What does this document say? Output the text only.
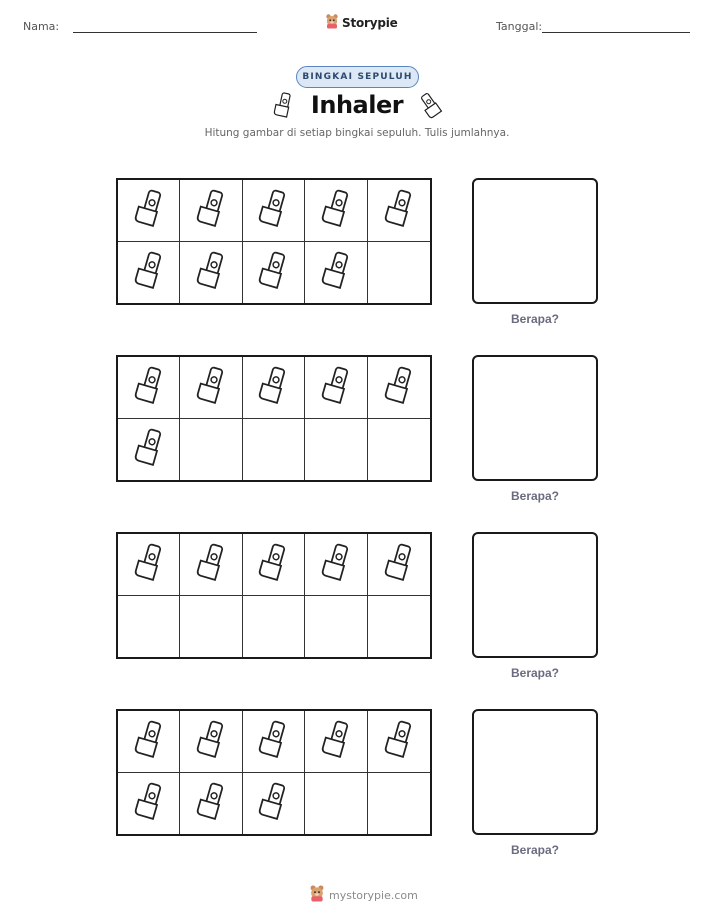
Nama:	Storypie	Tanggal:
BINGKAI SEPULUH
Inhaler
Hitung gambar di setiap bingkai sepuluh. Tulis jumlahnya.
Berapa?
Berapa?
Berapa?
Berapa?
mystorypie.com
